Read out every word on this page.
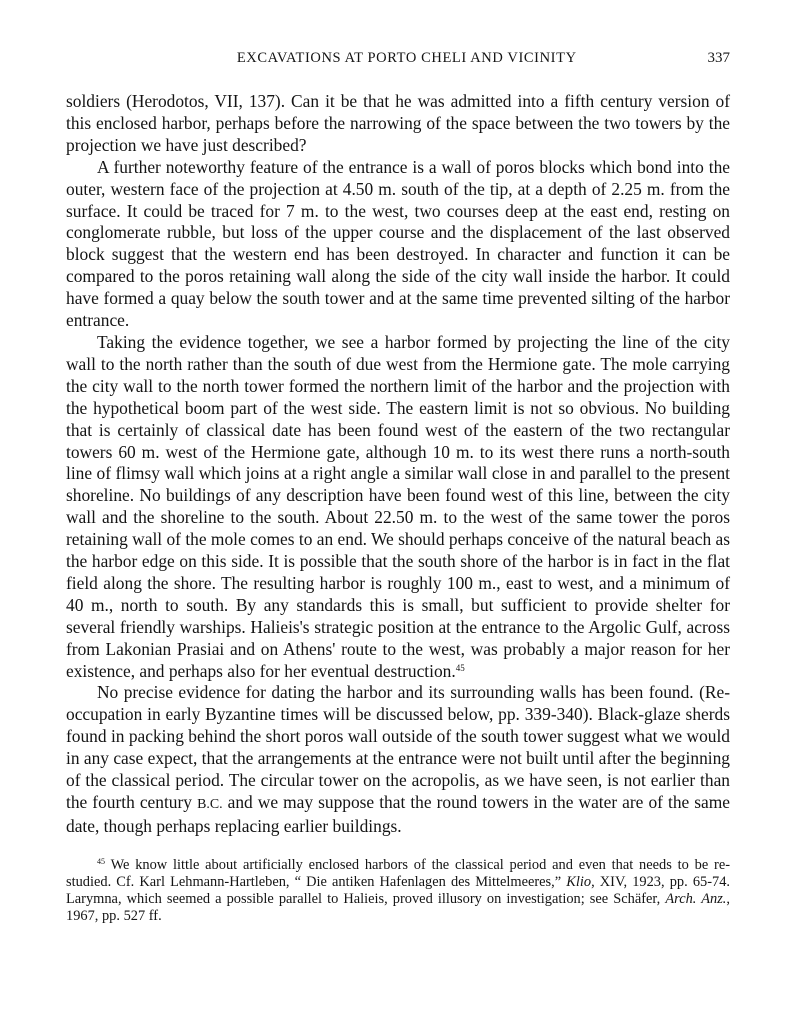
EXCAVATIONS AT PORTO CHELI AND VICINITY	337

soldiers (Herodotos, VII, 137). Can it be that he was admitted into a fifth century version of this enclosed harbor, perhaps before the narrowing of the space between the two towers by the projection we have just described?

A further noteworthy feature of the entrance is a wall of poros blocks which bond into the outer, western face of the projection at 4.50 m. south of the tip, at a depth of 2.25 m. from the surface. It could be traced for 7 m. to the west, two courses deep at the east end, resting on conglomerate rubble, but loss of the upper course and the displacement of the last observed block suggest that the western end has been destroyed. In character and function it can be compared to the poros retaining wall along the side of the city wall inside the harbor. It could have formed a quay below the south tower and at the same time prevented silting of the harbor entrance.

Taking the evidence together, we see a harbor formed by projecting the line of the city wall to the north rather than the south of due west from the Hermione gate. The mole carrying the city wall to the north tower formed the northern limit of the harbor and the projection with the hypothetical boom part of the west side. The eastern limit is not so obvious. No building that is certainly of classical date has been found west of the eastern of the two rectangular towers 60 m. west of the Hermione gate, although 10 m. to its west there runs a north-south line of flimsy wall which joins at a right angle a similar wall close in and parallel to the present shoreline. No buildings of any description have been found west of this line, between the city wall and the shoreline to the south. About 22.50 m. to the west of the same tower the poros retaining wall of the mole comes to an end. We should perhaps conceive of the natural beach as the harbor edge on this side. It is possible that the south shore of the harbor is in fact in the flat field along the shore. The resulting harbor is roughly 100 m., east to west, and a minimum of 40 m., north to south. By any standards this is small, but sufficient to provide shelter for several friendly warships. Halieis's strategic position at the entrance to the Argolic Gulf, across from Lakonian Prasiai and on Athens' route to the west, was probably a major reason for her existence, and perhaps also for her eventual destruction.$^{45}$

No precise evidence for dating the harbor and its surrounding walls has been found. (Re-occupation in early Byzantine times will be discussed below, pp. 339-340). Black-glaze sherds found in packing behind the short poros wall outside of the south tower suggest what we would in any case expect, that the arrangements at the entrance were not built until after the beginning of the classical period. The circular tower on the acropolis, as we have seen, is not earlier than the fourth century B.C. and we may suppose that the round towers in the water are of the same date, though perhaps replacing earlier buildings.

$^{45}$ We know little about artificially enclosed harbors of the classical period and even that needs to be re-studied. Cf. Karl Lehmann-Hartleben, “ Die antiken Hafenlagen des Mittelmeeres,” Klio, XIV, 1923, pp. 65-74. Larymna, which seemed a possible parallel to Halieis, proved illusory on investigation; see Schäfer, Arch. Anz., 1967, pp. 527 ff.
